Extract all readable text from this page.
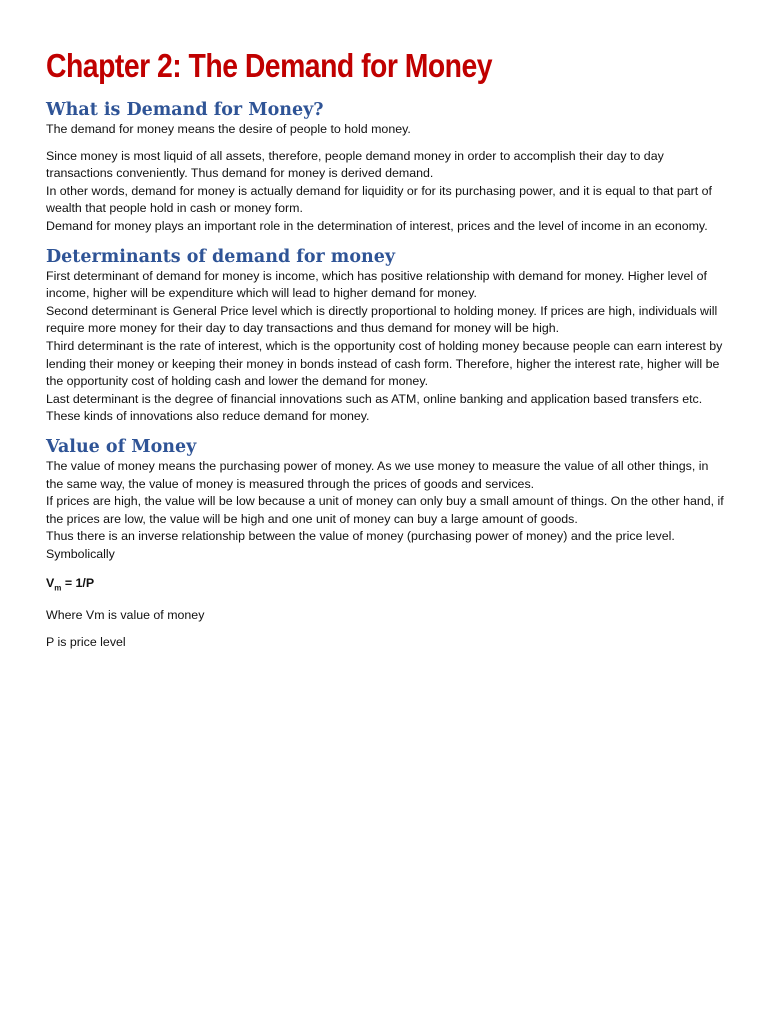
Chapter 2: The Demand for Money
What is Demand for Money?

The demand for money means the desire of people to hold money.

Since money is most liquid of all assets, therefore, people demand money in order to accomplish their day to day transactions conveniently. Thus demand for money is derived demand.

In other words, demand for money is actually demand for liquidity or for its purchasing power, and it is equal to that part of wealth that people hold in cash or money form.

Demand for money plays an important role in the determination of interest, prices and the level of income in an economy.

Determinants of demand for money

First determinant of demand for money is income, which has positive relationship with demand for money. Higher level of income, higher will be expenditure which will lead to higher demand for money.

Second determinant is General Price level which is directly proportional to holding money. If prices are high, individuals will require more money for their day to day transactions and thus demand for money will be high.

Third determinant is the rate of interest, which is the opportunity cost of holding money because people can earn interest by lending their money or keeping their money in bonds instead of cash form. Therefore, higher the interest rate, higher will be the opportunity cost of holding cash and lower the demand for money.

Last determinant is the degree of financial innovations such as ATM, online banking and application based transfers etc. These kinds of innovations also reduce demand for money.

Value of Money

The value of money means the purchasing power of money. As we use money to measure the value of all other things, in the same way, the value of money is measured through the prices of goods and services.

If prices are high, the value will be low because a unit of money can only buy a small amount of things. On the other hand, if the prices are low, the value will be high and one unit of money can buy a large amount of goods.

Thus there is an inverse relationship between the value of money (purchasing power of money) and the price level. Symbolically

$V_m = 1/P$

Where Vm is value of money

P is price level
